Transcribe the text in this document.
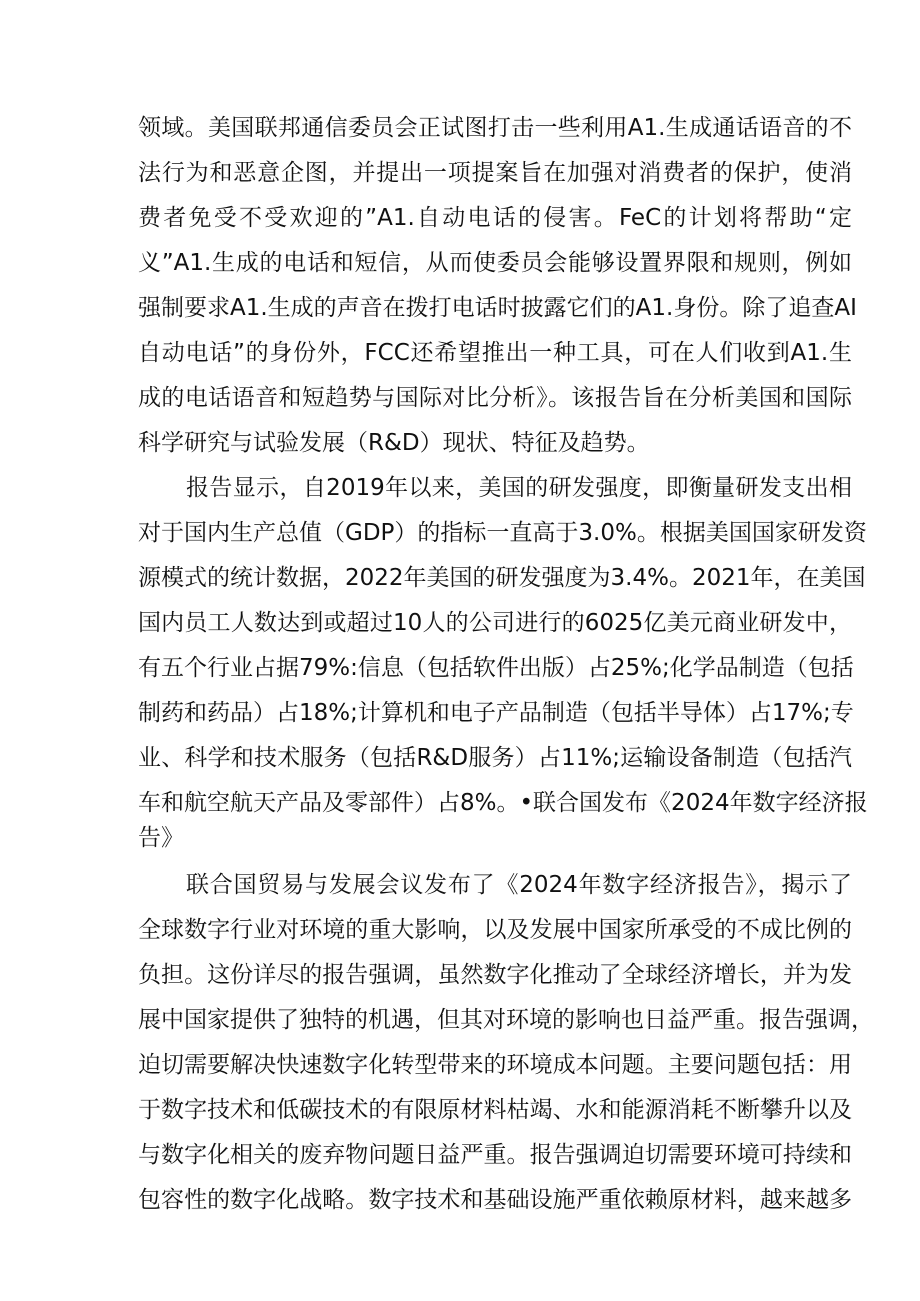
领域。美国联邦通信委员会正试图打击一些利用A1.生成通话语音的不

法行为和恶意企图，并提出一项提案旨在加强对消费者的保护，使消

费者免受不受欢迎的”A1.自动电话的侵害。FeC的计划将帮助“定

义”A1.生成的电话和短信，从而使委员会能够设置界限和规则，例如

强制要求A1.生成的声音在拨打电话时披露它们的A1.身份。除了追查AI

自动电话”的身份外，FCC还希望推出一种工具，可在人们收到A1.生

成的电话语音和短趋势与国际对比分析》。该报告旨在分析美国和国际

科学研究与试验发展（R&D）现状、特征及趋势。

报告显示，自2019年以来，美国的研发强度，即衡量研发支出相

对于国内生产总值（GDP）的指标一直高于3.0%。根据美国国家研发资

源模式的统计数据，2022年美国的研发强度为3.4%。2021年，在美国

国内员工人数达到或超过10人的公司进行的6025亿美元商业研发中，

有五个行业占据79%:信息（包括软件出版）占25%;化学品制造（包括

制药和药品）占18%;计算机和电子产品制造（包括半导体）占17%;专

业、科学和技术服务（包括R&D服务）占11%;运输设备制造（包括汽

车和航空航天产品及零部件）占8%。•联合国发布《2024年数字经济报

告》

联合国贸易与发展会议发布了《2024年数字经济报告》，揭示了

全球数字行业对环境的重大影响，以及发展中国家所承受的不成比例的

负担。这份详尽的报告强调，虽然数字化推动了全球经济增长，并为发

展中国家提供了独特的机遇，但其对环境的影响也日益严重。报告强调，

迫切需要解决快速数字化转型带来的环境成本问题。主要问题包括：用

于数字技术和低碳技术的有限原材料枯竭、水和能源消耗不断攀升以及

与数字化相关的废弃物问题日益严重。报告强调迫切需要环境可持续和

包容性的数字化战略。数字技术和基础设施严重依赖原材料，越来越多
